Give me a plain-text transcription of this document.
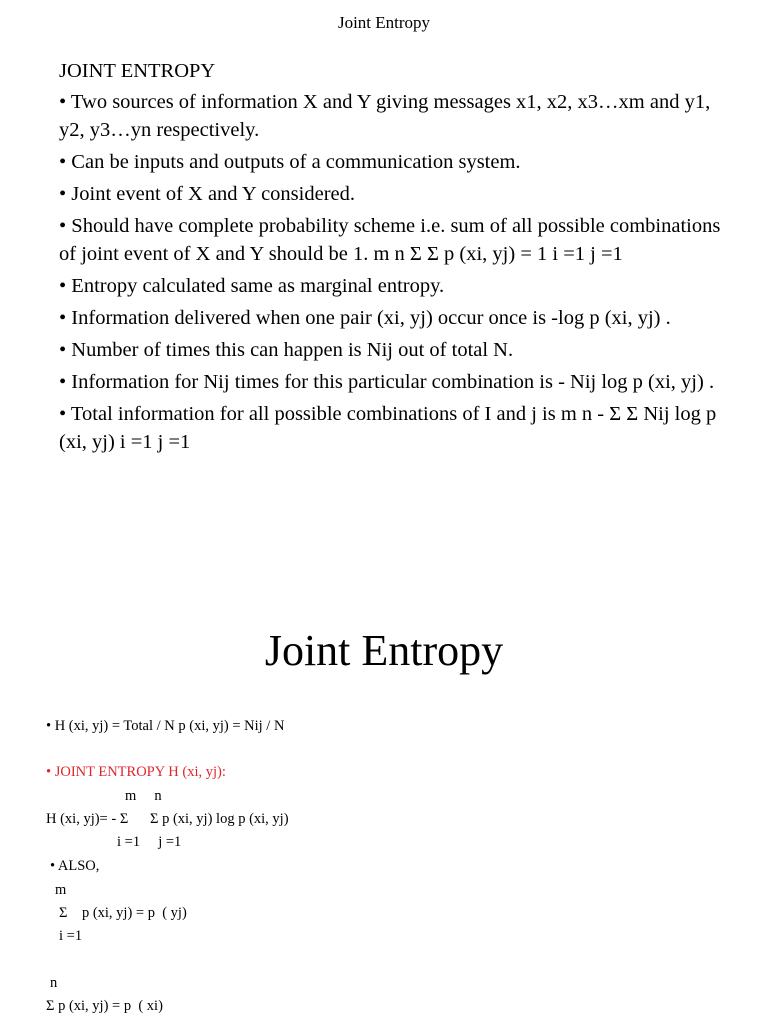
Joint Entropy
JOINT ENTROPY
• Two sources of information X and Y giving messages x1, x2, x3…xm and y1, y2, y3…yn respectively.
• Can be inputs and outputs of a communication system.
• Joint event of X and Y considered.
• Should have complete probability scheme i.e. sum of all possible combinations of joint event of X and Y should be 1. m n Σ Σ p (xi, yj) = 1 i =1 j =1
• Entropy calculated same as marginal entropy.
• Information delivered when one pair (xi, yj) occur once is -log p (xi, yj) .
• Number of times this can happen is Nij out of total N.
• Information for Nij times for this particular combination is - Nij log p (xi, yj) .
• Total information for all possible combinations of I and j is m n - Σ Σ Nij log p (xi, yj) i =1 j =1
Joint Entropy
• H (xi, yj) = Total / N p (xi, yj) = Nij / N
• JOINT ENTROPY H (xi, yj):
m     n
H (xi, yj)= - Σ      Σ p (xi, yj) log p (xi, yj)
i =1     j =1
• ALSO,
m
Σ    p (xi, yj) = p  ( yj)
i =1
n
Σ p (xi, yj) = p  ( xi)
